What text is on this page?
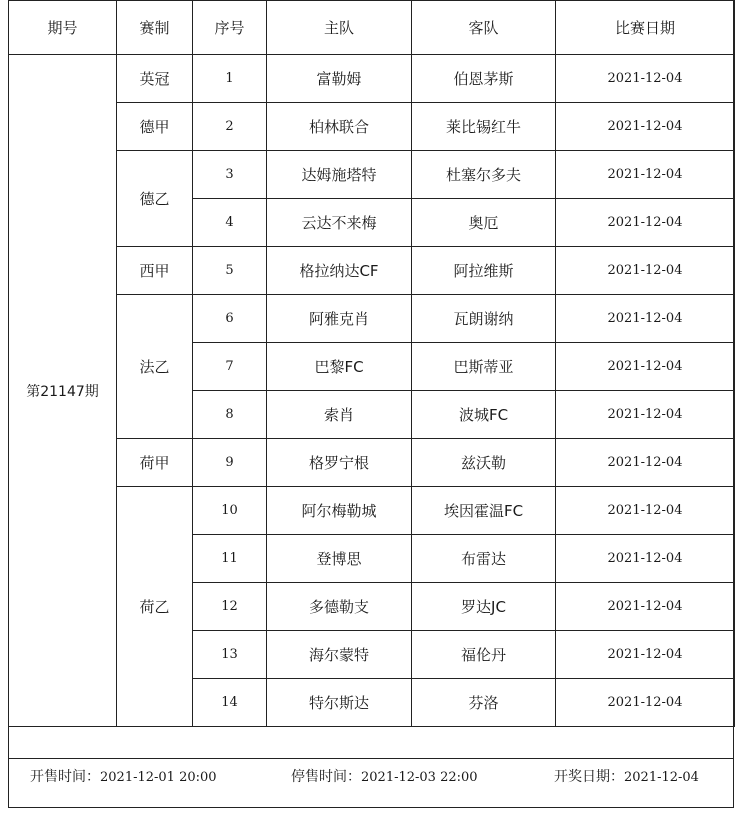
期号	赛制	序号	主队	客队	比赛日期
第21147期	英冠	1	富勒姆	伯恩茅斯	2021-12-04
	德甲	2	柏林联合	莱比锡红牛	2021-12-04
	德乙	3	达姆施塔特	杜塞尔多夫	2021-12-04
		4	云达不来梅	奥厄	2021-12-04
	西甲	5	格拉纳达CF	阿拉维斯	2021-12-04
	法乙	6	阿雅克肖	瓦朗谢纳	2021-12-04
		7	巴黎FC	巴斯蒂亚	2021-12-04
		8	索肖	波城FC	2021-12-04
	荷甲	9	格罗宁根	兹沃勒	2021-12-04
	荷乙	10	阿尔梅勒城	埃因霍温FC	2021-12-04
		11	登博思	布雷达	2021-12-04
		12	多德勒支	罗达JC	2021-12-04
		13	海尔蒙特	福伦丹	2021-12-04
		14	特尔斯达	芬洛	2021-12-04
开售时间：2021-12-01 20:00	停售时间：2021-12-03 22:00	开奖日期：2021-12-04
